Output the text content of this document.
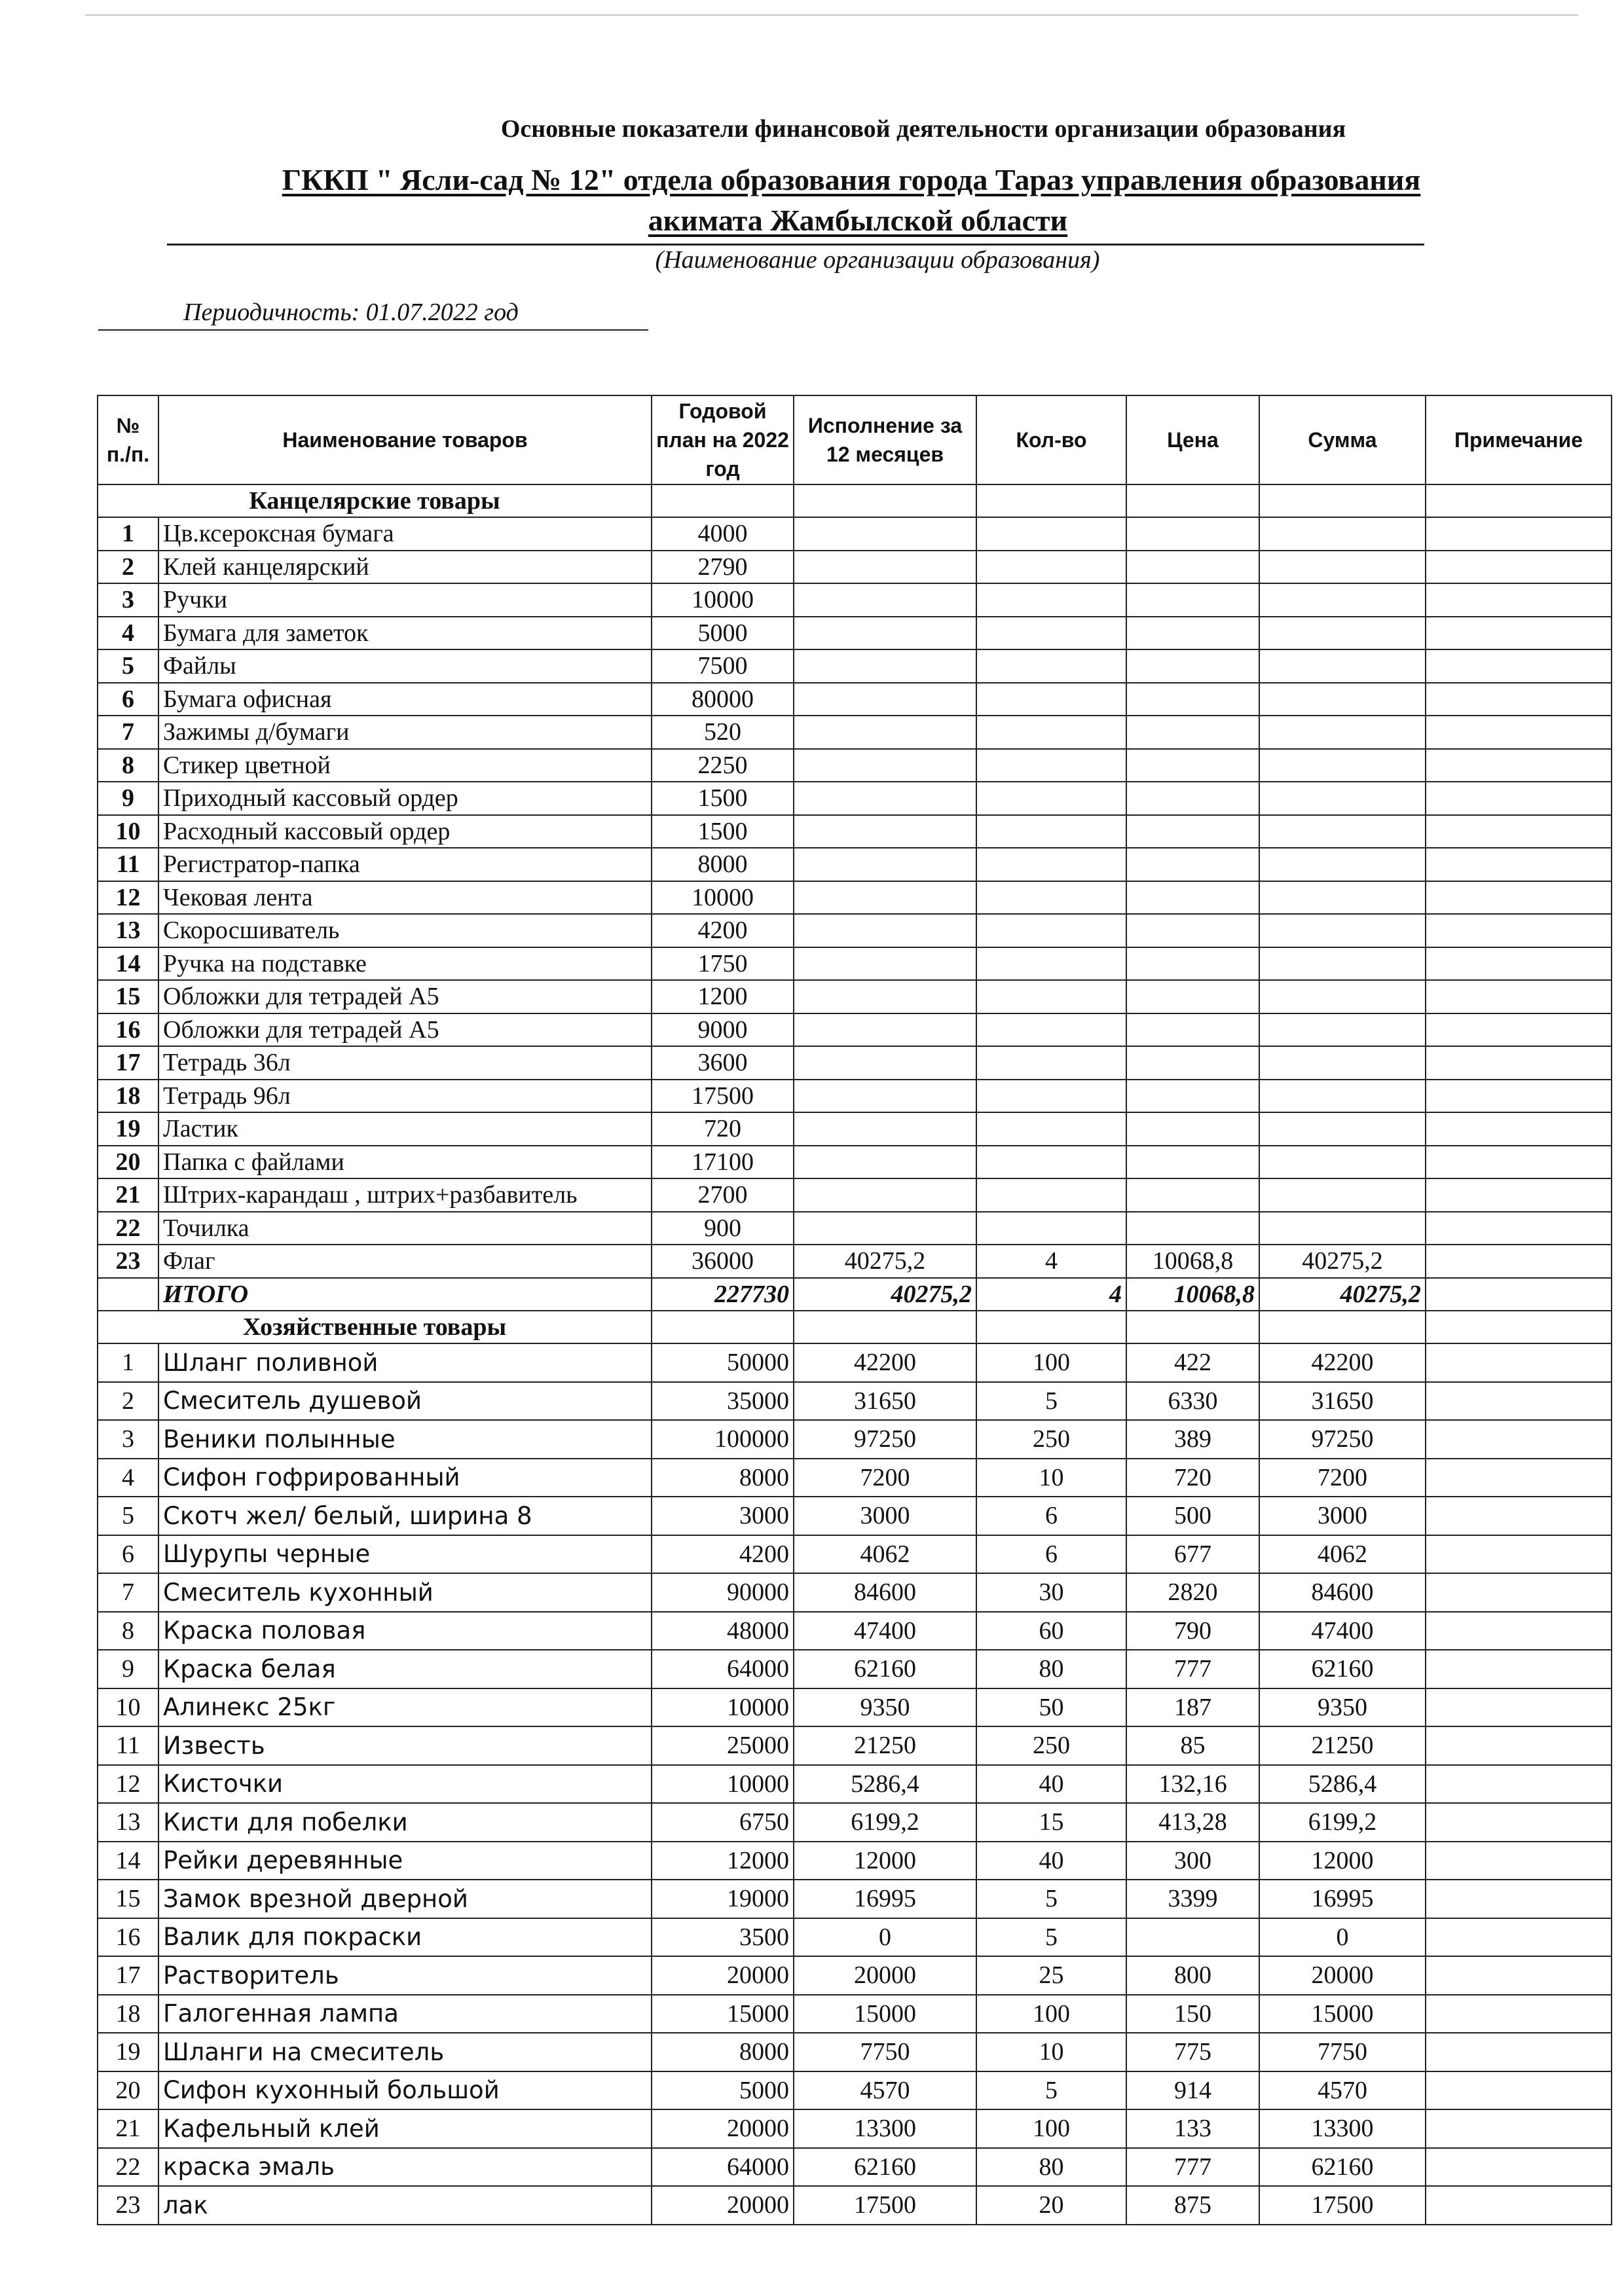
Основные показатели финансовой деятельности организации образования
ГККП " Ясли-сад № 12" отдела образования города Тараз управления образования
акимата Жамбылской области
(Наименование организации образования)
Периодичность: 01.07.2022 год
№ п./п.	Наименование товаров	Годовой план на 2022 год	Исполнение за 12 месяцев	Кол-во	Цена	Сумма	Примечание
Канцелярские товары							
1	Цв.ксероксная бумага	4000					
2	Клей канцелярский	2790					
3	Ручки	10000					
4	Бумага для заметок	5000					
5	Файлы	7500					
6	Бумага офисная	80000					
7	Зажимы д/бумаги	520					
8	Стикер цветной	2250					
9	Приходный кассовый ордер	1500					
10	Расходный кассовый ордер	1500					
11	Регистратор-папка	8000					
12	Чековая лента	10000					
13	Скоросшиватель	4200					
14	Ручка на подставке	1750					
15	Обложки для тетрадей А5	1200					
16	Обложки для тетрадей А5	9000					
17	Тетрадь 36л	3600					
18	Тетрадь 96л	17500					
19	Ластик	720					
20	Папка с файлами	17100					
21	Штрих-карандаш , штрих+разбавитель	2700					
22	Точилка	900					
23	Флаг	36000	40275,2	4	10068,8	40275,2	
	ИТОГО	227730	40275,2	4	10068,8	40275,2	
Хозяйственные товары							
1	Шланг поливной	50000	42200	100	422	42200	
2	Смеситель душевой	35000	31650	5	6330	31650	
3	Веники полынные	100000	97250	250	389	97250	
4	Сифон гофрированный	8000	7200	10	720	7200	
5	Скотч жел/ белый, ширина 8	3000	3000	6	500	3000	
6	Шурупы черные	4200	4062	6	677	4062	
7	Смеситель кухонный	90000	84600	30	2820	84600	
8	Краска половая	48000	47400	60	790	47400	
9	Краска белая	64000	62160	80	777	62160	
10	Алинекс 25кг	10000	9350	50	187	9350	
11	Известь	25000	21250	250	85	21250	
12	Кисточки	10000	5286,4	40	132,16	5286,4	
13	Кисти для побелки	6750	6199,2	15	413,28	6199,2	
14	Рейки деревянные	12000	12000	40	300	12000	
15	Замок врезной дверной	19000	16995	5	3399	16995	
16	Валик для покраски	3500	0	5		0	
17	Растворитель	20000	20000	25	800	20000	
18	Галогенная лампа	15000	15000	100	150	15000	
19	Шланги на смеситель	8000	7750	10	775	7750	
20	Сифон кухонный большой	5000	4570	5	914	4570	
21	Кафельный клей	20000	13300	100	133	13300	
22	краска эмаль	64000	62160	80	777	62160	
23	лак	20000	17500	20	875	17500	
